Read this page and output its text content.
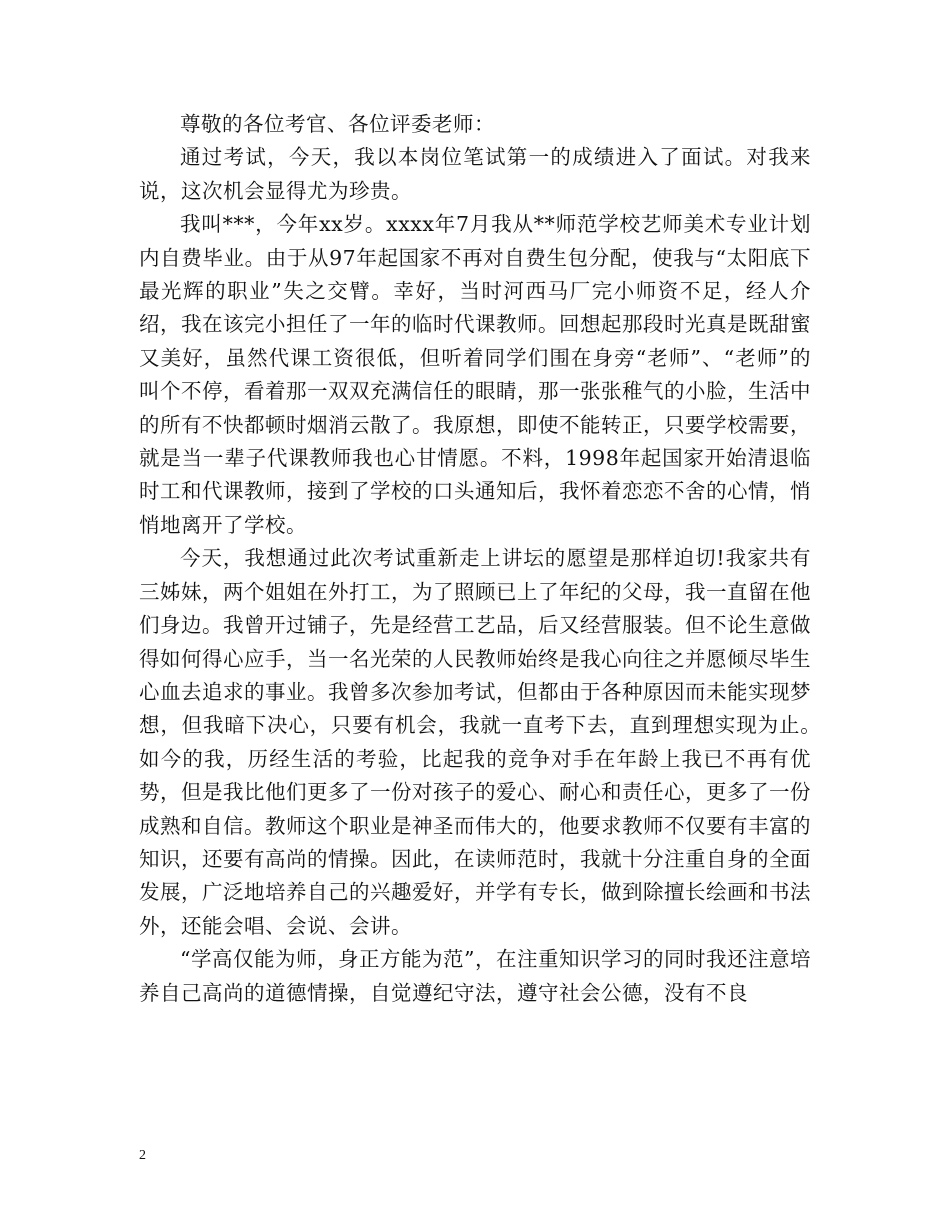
尊敬的各位考官、各位评委老师：

通过考试，今天，我以本岗位笔试第一的成绩进入了面试。对我来说，这次机会显得尤为珍贵。

我叫***，今年xx岁。xxxx年7月我从**师范学校艺师美术专业计划内自费毕业。由于从97年起国家不再对自费生包分配，使我与“太阳底下最光辉的职业”失之交臂。幸好，当时河西马厂完小师资不足，经人介绍，我在该完小担任了一年的临时代课教师。回想起那段时光真是既甜蜜又美好，虽然代课工资很低，但听着同学们围在身旁“老师”、“老师”的叫个不停，看着那一双双充满信任的眼睛，那一张张稚气的小脸，生活中的所有不快都顿时烟消云散了。我原想，即使不能转正，只要学校需要，就是当一辈子代课教师我也心甘情愿。不料，1998年起国家开始清退临时工和代课教师，接到了学校的口头通知后，我怀着恋恋不舍的心情，悄悄地离开了学校。

今天，我想通过此次考试重新走上讲坛的愿望是那样迫切!我家共有三姊妹，两个姐姐在外打工，为了照顾已上了年纪的父母，我一直留在他们身边。我曾开过铺子，先是经营工艺品，后又经营服装。但不论生意做得如何得心应手，当一名光荣的人民教师始终是我心向往之并愿倾尽毕生心血去追求的事业。我曾多次参加考试，但都由于各种原因而未能实现梦想，但我暗下决心，只要有机会，我就一直考下去，直到理想实现为止。　　如今的我，历经生活的考验，比起我的竞争对手在年龄上我已不再有优势，但是我比他们更多了一份对孩子的爱心、耐心和责任心，更多了一份成熟和自信。教师这个职业是神圣而伟大的，他要求教师不仅要有丰富的知识，还要有高尚的情操。因此，在读师范时，我就十分注重自身的全面发展，广泛地培养自己的兴趣爱好，并学有专长，做到除擅长绘画和书法外，还能会唱、会说、会讲。

“学高仅能为师，身正方能为范”，在注重知识学习的同时我还注意培养自己高尚的道德情操，自觉遵纪守法，遵守社会公德，没有不良

2
